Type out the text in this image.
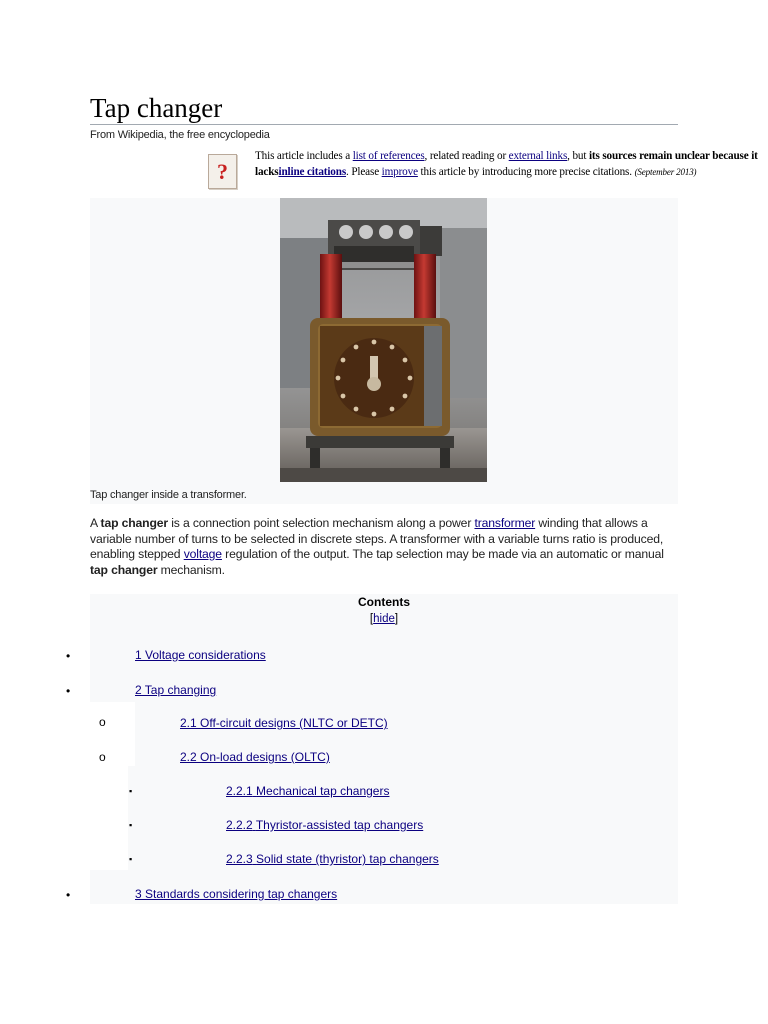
Tap changer
From Wikipedia, the free encyclopedia
?
This article includes a list of references, related reading or external links, but its sources remain unclear because it lacksinline citations. Please improve this article by introducing more precise citations. (September 2013)
Tap changer inside a transformer.
A tap changer is a connection point selection mechanism along a power transformer winding that allows a variable number of turns to be selected in discrete steps. A transformer with a variable turns ratio is produced, enabling stepped voltage regulation of the output. The tap selection may be made via an automatic or manual tap changer mechanism.
Contents
[hide]
•	1 Voltage considerations
•	2 Tap changing
o	2.1 Off-circuit designs (NLTC or DETC)
o	2.2 On-load designs (OLTC)
▪	2.2.1 Mechanical tap changers
▪	2.2.2 Thyristor-assisted tap changers
▪	2.2.3 Solid state (thyristor) tap changers
•	3 Standards considering tap changers
